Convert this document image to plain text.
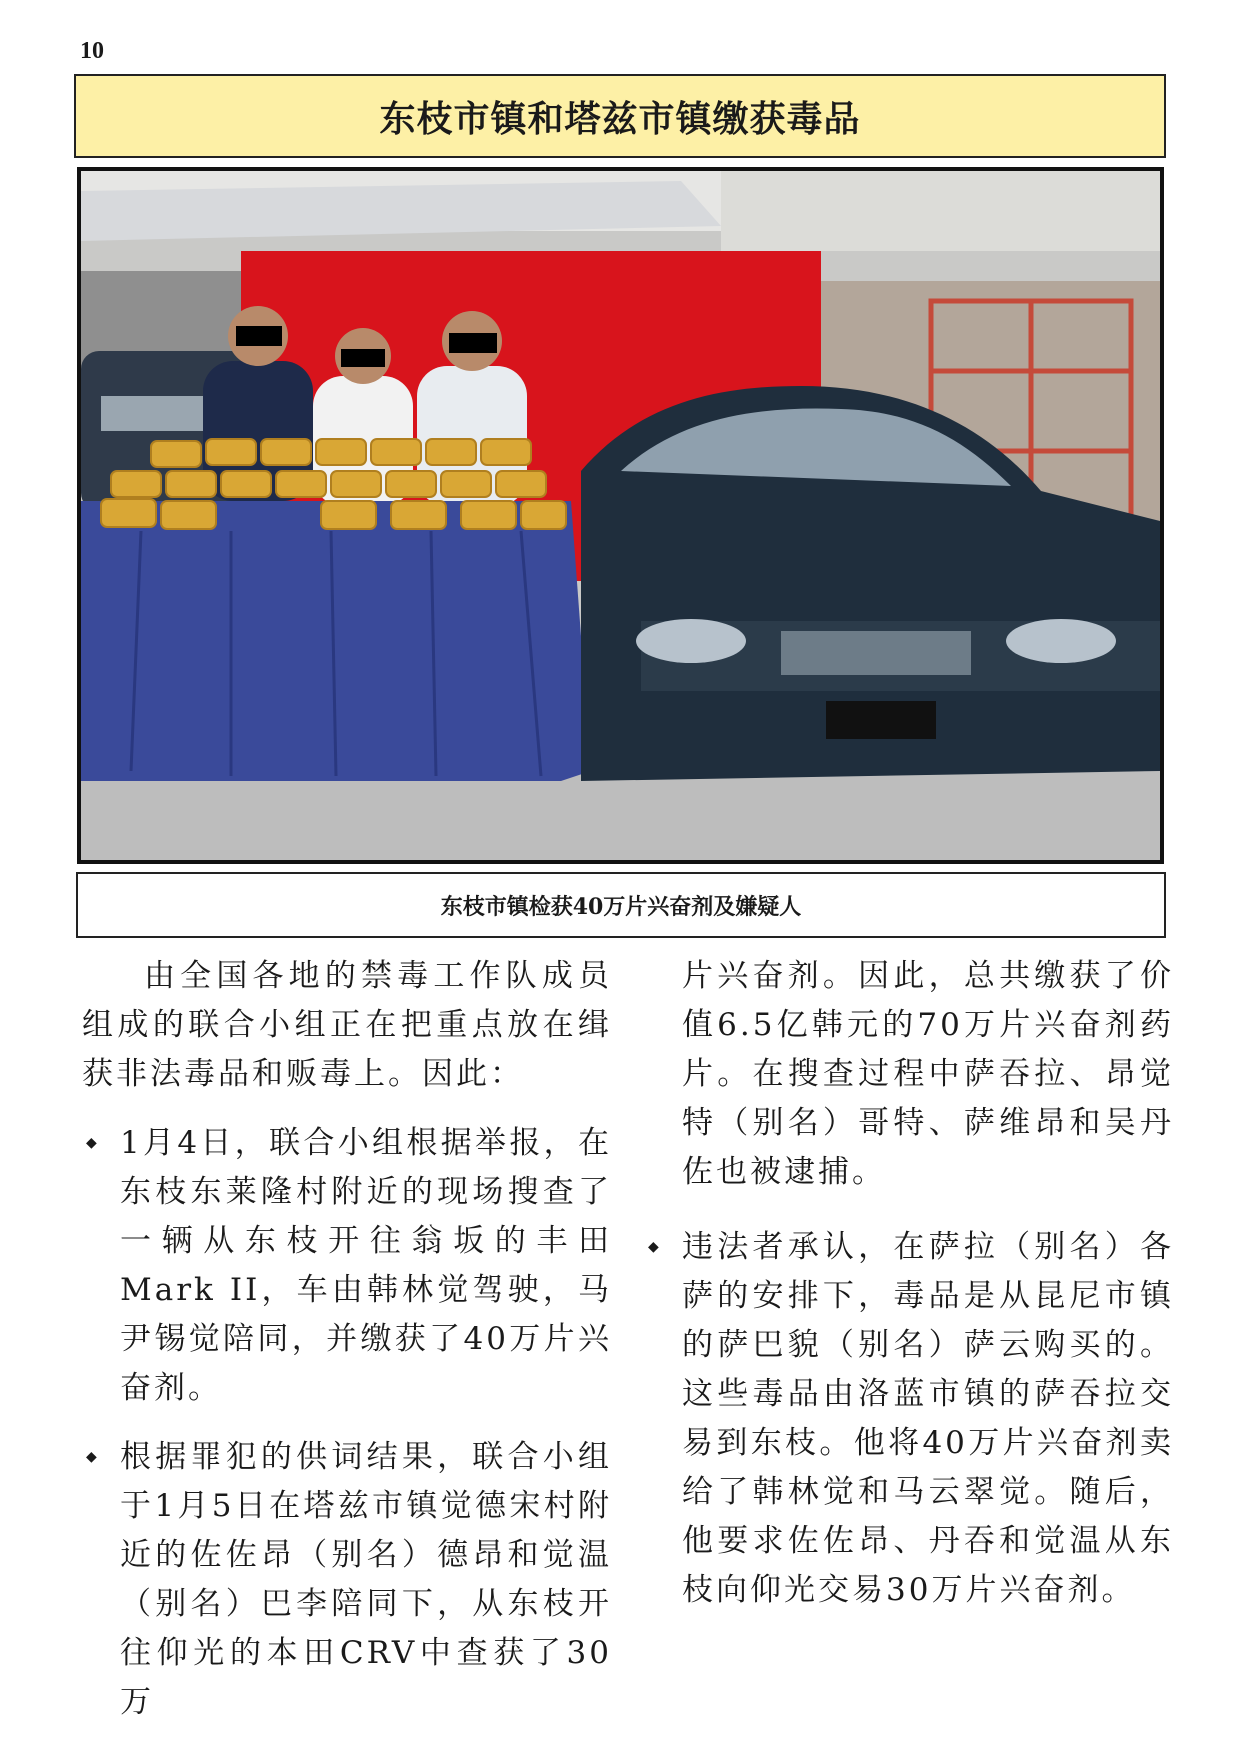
10
东枝市镇和塔兹市镇缴获毒品
东枝市镇检获40万片兴奋剂及嫌疑人

由全国各地的禁毒工作队成员组成的联合小组正在把重点放在缉获非法毒品和贩毒上。因此：

◆ 1月4日，联合小组根据举报，在东枝东莱隆村附近的现场搜查了一辆从东枝开往翁坂的丰田Mark II，车由韩林觉驾驶，马尹锡觉陪同，并缴获了40万片兴奋剂。

◆ 根据罪犯的供词结果，联合小组于1月5日在塔兹市镇觉德宋村附近的佐佐昂（别名）德昂和觉温（别名）巴李陪同下，从东枝开往仰光的本田CRV中查获了30万

片兴奋剂。因此，总共缴获了价值6.5亿韩元的70万片兴奋剂药片。在搜查过程中萨吞拉、昂觉特（别名）哥特、萨维昂和吴丹佐也被逮捕。

◆ 违法者承认，在萨拉（别名）各萨的安排下，毒品是从昆尼市镇的萨巴貌（别名）萨云购买的。这些毒品由洛蓝市镇的萨吞拉交易到东枝。他将40万片兴奋剂卖给了韩林觉和马云翠觉。随后，他要求佐佐昂、丹吞和觉温从东枝向仰光交易30万片兴奋剂。
